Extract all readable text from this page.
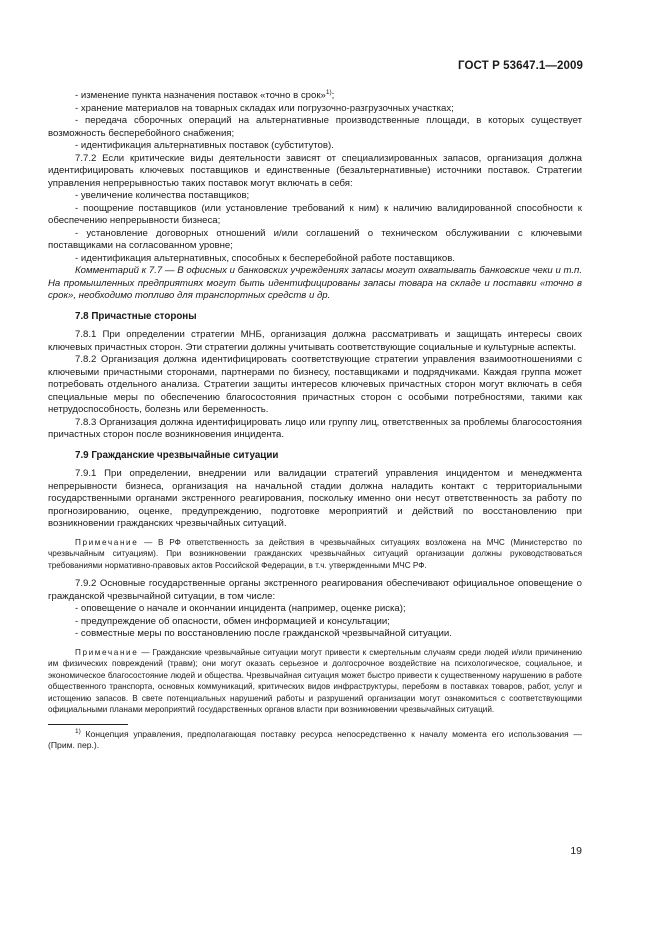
ГОСТ Р 53647.1—2009

- изменение пункта назначения поставок «точно в срок»$^{1)}$;

- хранение материалов на товарных складах или погрузочно-разгрузочных участках;

- передача сборочных операций на альтернативные производственные площади, в которых существует возможность бесперебойного снабжения;

- идентификация альтернативных поставок (субститутов).

7.7.2 Если критические виды деятельности зависят от специализированных запасов, организация должна идентифицировать ключевых поставщиков и единственные (безальтернативные) источники поставок. Стратегии управления непрерывностью таких поставок могут включать в себя:

- увеличение количества поставщиков;

- поощрение поставщиков (или установление требований к ним) к наличию валидированной способности к обеспечению непрерывности бизнеса;

- установление договорных отношений и/или соглашений о техническом обслуживании с ключевыми поставщиками на согласованном уровне;

- идентификация альтернативных, способных к бесперебойной работе поставщиков.

Комментарий к 7.7 — В офисных и банковских учреждениях запасы могут охватывать банковские чеки и т.п. На промышленных предприятиях могут быть идентифицированы запасы товара на складе и поставки «точно в срок», необходимо топливо для транспортных средств и др.

7.8 Причастные стороны

7.8.1 При определении стратегии МНБ, организация должна рассматривать и защищать интересы своих ключевых причастных сторон. Эти стратегии должны учитывать соответствующие социальные и культурные аспекты.

7.8.2 Организация должна идентифицировать соответствующие стратегии управления взаимоотношениями с ключевыми причастными сторонами, партнерами по бизнесу, поставщиками и подрядчиками. Каждая группа может потребовать отдельного анализа. Стратегии защиты интересов ключевых причастных сторон могут включать в себя специальные меры по обеспечению благосостояния причастных сторон с особыми потребностями, такими как нетрудоспособность, болезнь или беременность.

7.8.3 Организация должна идентифицировать лицо или группу лиц, ответственных за проблемы благосостояния причастных сторон после возникновения инцидента.

7.9 Гражданские чрезвычайные ситуации

7.9.1 При определении, внедрении или валидации стратегий управления инцидентом и менеджмента непрерывности бизнеса, организация на начальной стадии должна наладить контакт с территориальными государственными органами экстренного реагирования, поскольку именно они несут ответственность за работу по прогнозированию, оценке, предупреждению, подготовке мероприятий и действий по восстановлению при возникновении гражданских чрезвычайных ситуаций.

Примечание — В РФ ответственность за действия в чрезвычайных ситуациях возложена на МЧС (Министерство по чрезвычайным ситуациям). При возникновении гражданских чрезвычайных ситуаций организации должны руководствоваться требованиями нормативно-правовых актов Российской Федерации, в т.ч. утвержденными МЧС РФ.

7.9.2 Основные государственные органы экстренного реагирования обеспечивают официальное оповещение о гражданской чрезвычайной ситуации, в том числе:

- оповещение о начале и окончании инцидента (например, оценке риска);

- предупреждение об опасности, обмен информацией и консультации;

- совместные меры по восстановлению после гражданской чрезвычайной ситуации.

Примечание — Гражданские чрезвычайные ситуации могут привести к смертельным случаям среди людей и/или причинению им физических повреждений (травм); они могут оказать серьезное и долгосрочное воздействие на психологическое, социальное, и экономическое благосостояние людей и общества. Чрезвычайная ситуация может быстро привести к существенному нарушению в работе общественного транспорта, основных коммуникаций, критических видов инфраструктуры, перебоям в поставках товаров, работ, услуг и истощению запасов. В свете потенциальных нарушений работы и разрушений организации могут ознакомиться с соответствующими официальными планами мероприятий государственных органов власти при возникновении чрезвычайных ситуаций.

$^{1)}$ Концепция управления, предполагающая поставку ресурса непосредственно к началу момента его использования — (Прим. пер.).

19
